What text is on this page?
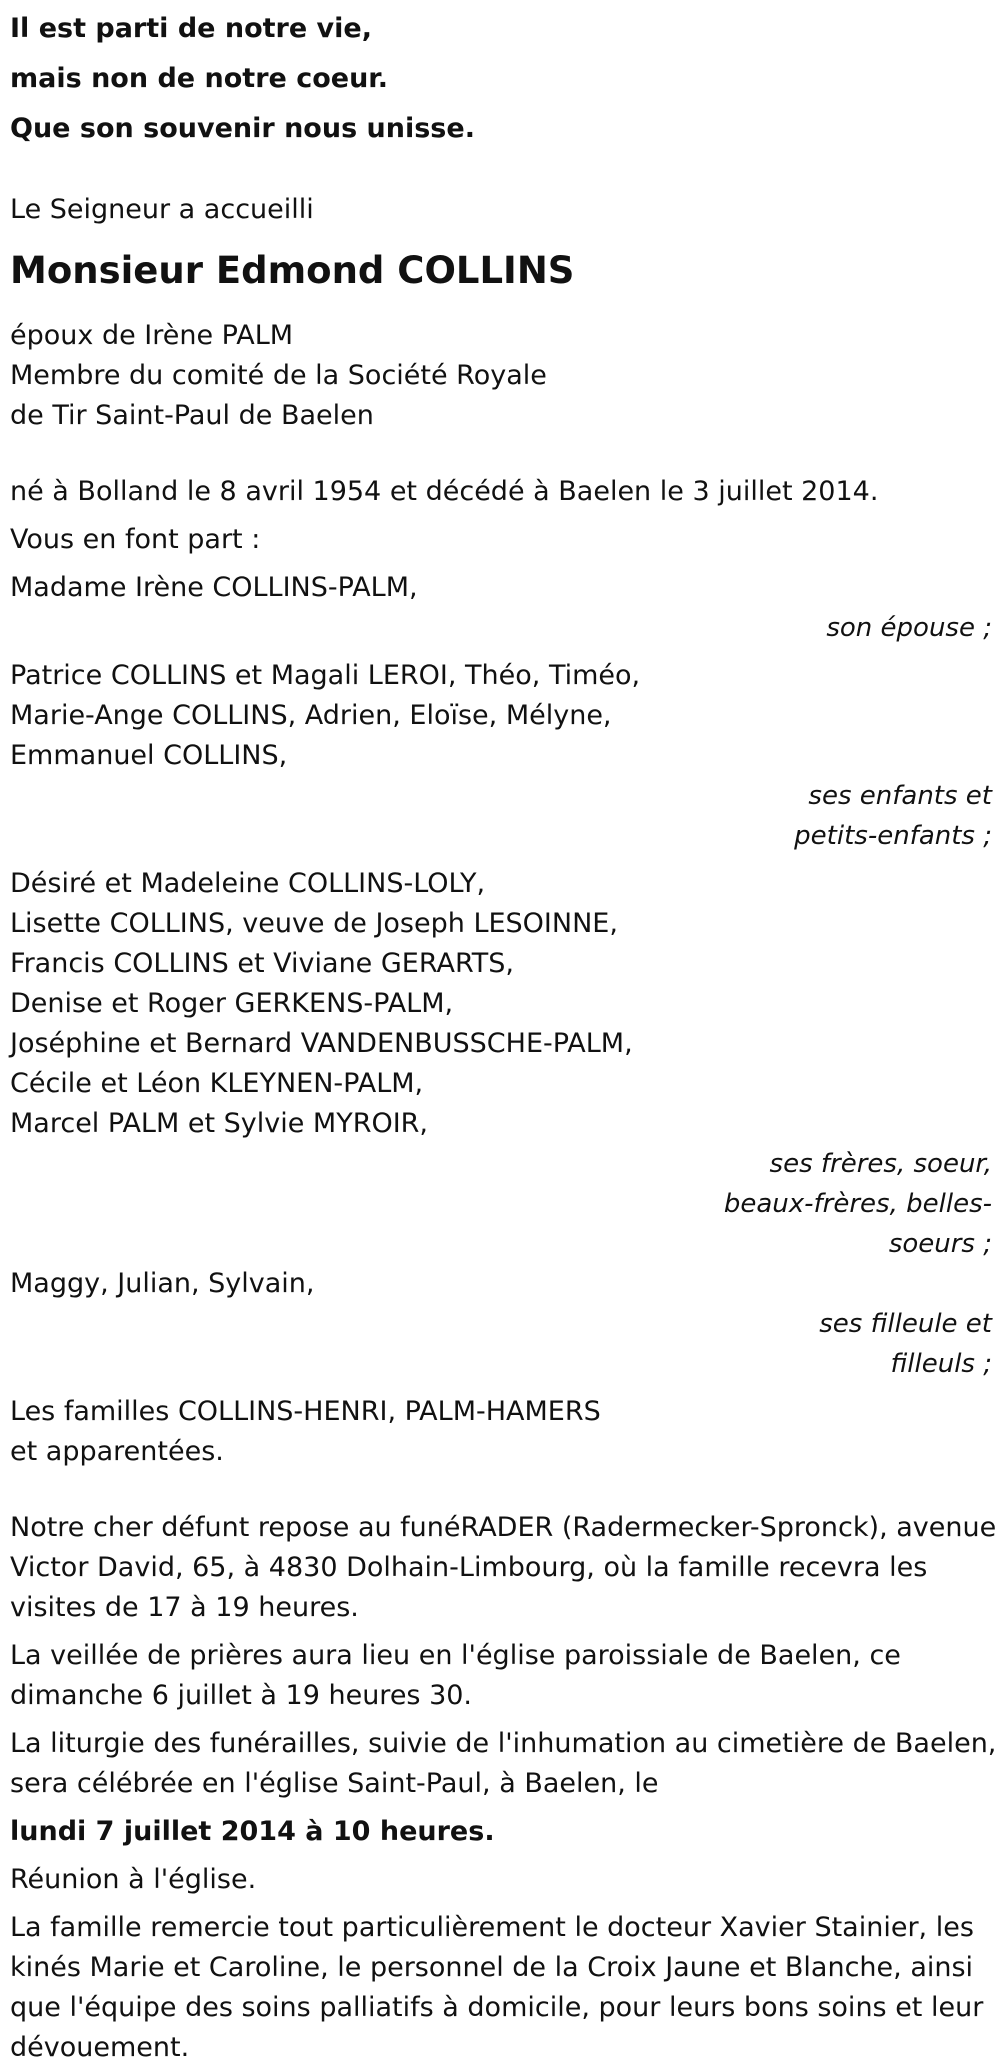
Il est parti de notre vie,
mais non de notre coeur.
Que son souvenir nous unisse.
Le Seigneur a accueilli
Monsieur Edmond COLLINS
époux de Irène PALM
Membre du comité de la Société Royale
de Tir Saint-Paul de Baelen
né à Bolland le 8 avril 1954 et décédé à Baelen le 3 juillet 2014.
Vous en font part :
Madame Irène COLLINS-PALM,
son épouse ;
Patrice COLLINS et Magali LEROI, Théo, Timéo,
Marie-Ange COLLINS, Adrien, Eloïse, Mélyne,
Emmanuel COLLINS,
ses enfants et
petits-enfants ;
Désiré et Madeleine COLLINS-LOLY,
Lisette COLLINS, veuve de Joseph LESOINNE,
Francis COLLINS et Viviane GERARTS,
Denise et Roger GERKENS-PALM,
Joséphine et Bernard VANDENBUSSCHE-PALM,
Cécile et Léon KLEYNEN-PALM,
Marcel PALM et Sylvie MYROIR,
ses frères, soeur,
beaux-frères, belles-
soeurs ;
Maggy, Julian, Sylvain,
ses filleule et
filleuls ;
Les familles COLLINS-HENRI, PALM-HAMERS
et apparentées.
Notre cher défunt repose au funéRADER (Radermecker-Spronck), avenue Victor David, 65, à 4830 Dolhain-Limbourg, où la famille recevra les visites de 17 à 19 heures.
La veillée de prières aura lieu en l'église paroissiale de Baelen, ce dimanche 6 juillet à 19 heures 30.
La liturgie des funérailles, suivie de l'inhumation au cimetière de Baelen, sera célébrée en l'église Saint-Paul, à Baelen, le
lundi 7 juillet 2014 à 10 heures.
Réunion à l'église.
La famille remercie tout particulièrement le docteur Xavier Stainier, les kinés Marie et Caroline, le personnel de la Croix Jaune et Blanche, ainsi que l'équipe des soins palliatifs à domicile, pour leurs bons soins et leur dévouement.
